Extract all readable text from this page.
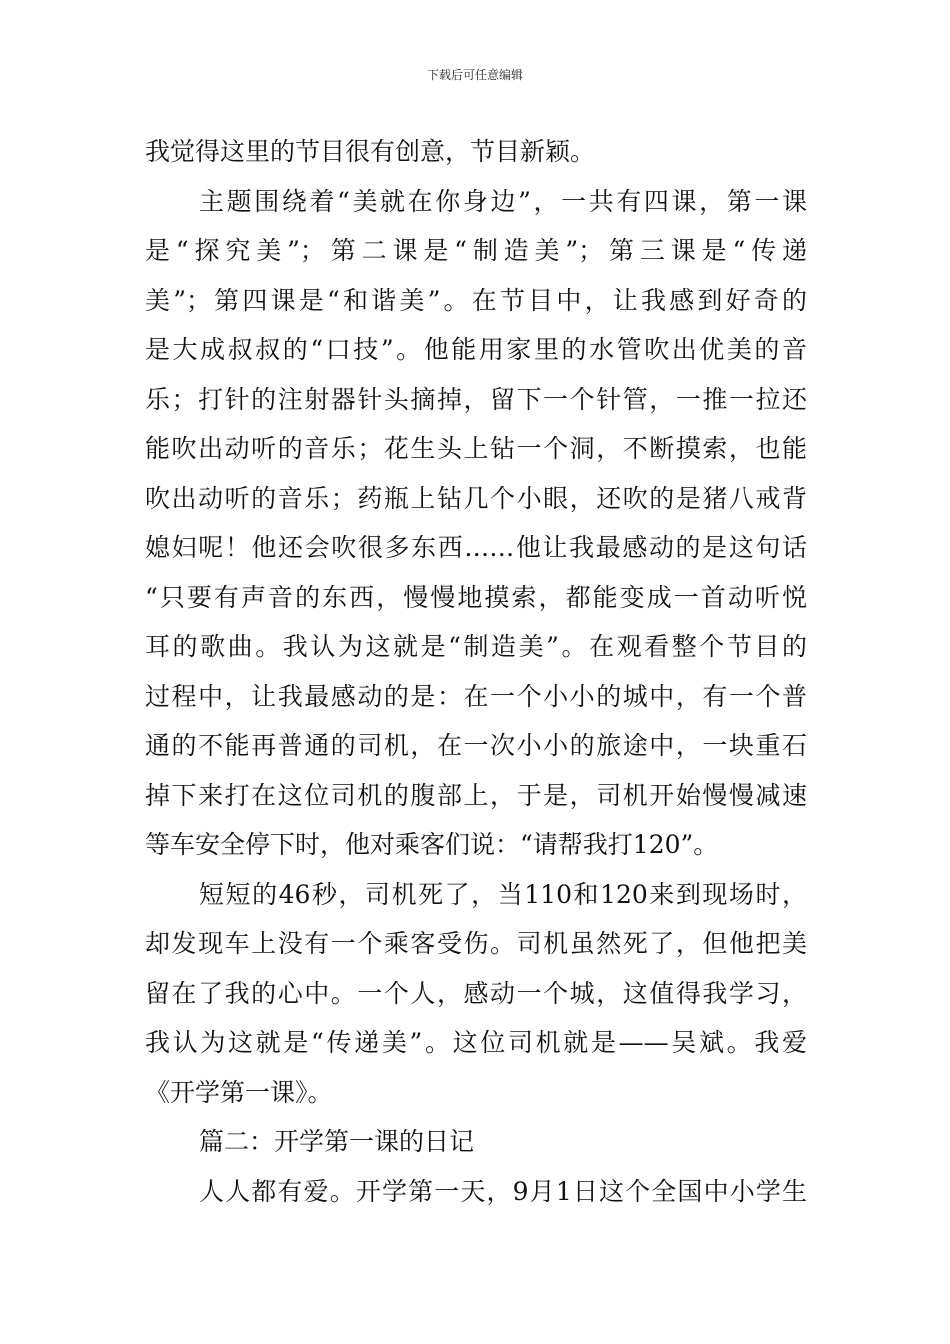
下载后可任意编辑
我觉得这里的节目很有创意，节目新颖。
主题围绕着“美就在你身边”，一共有四课，第一课
是“探究美”；第二课是“制造美”；第三课是“传递
美”；第四课是“和谐美”。在节目中，让我感到好奇的
是大成叔叔的“口技”。他能用家里的水管吹出优美的音
乐；打针的注射器针头摘掉，留下一个针管，一推一拉还
能吹出动听的音乐；花生头上钻一个洞，不断摸索，也能
吹出动听的音乐；药瓶上钻几个小眼，还吹的是猪八戒背
媳妇呢！他还会吹很多东西……他让我最感动的是这句话
“只要有声音的东西，慢慢地摸索，都能变成一首动听悦
耳的歌曲。我认为这就是“制造美”。在观看整个节目的
过程中，让我最感动的是：在一个小小的城中，有一个普
通的不能再普通的司机，在一次小小的旅途中，一块重石
掉下来打在这位司机的腹部上，于是，司机开始慢慢减速
等车安全停下时，他对乘客们说：“请帮我打120”。
短短的46秒，司机死了，当110和120来到现场时，
却发现车上没有一个乘客受伤。司机虽然死了，但他把美
留在了我的心中。一个人，感动一个城，这值得我学习，
我认为这就是“传递美”。这位司机就是——吴斌。我爱
《开学第一课》。
篇二：开学第一课的日记
人人都有爱。开学第一天，9月1日这个全国中小学生
